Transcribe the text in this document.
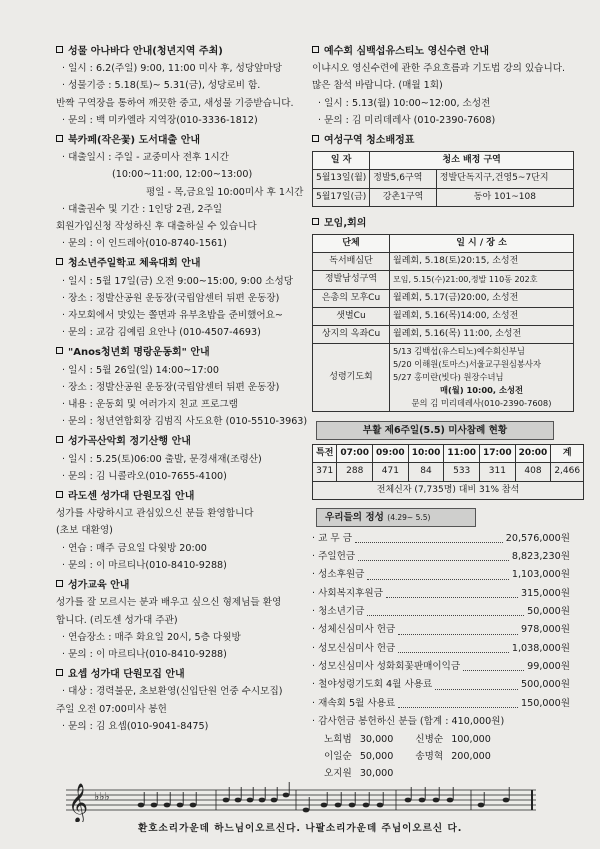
성물 아나바다 안내(청년지역 주최)
· 일시 : 6.2(주일) 9:00, 11:00 미사 후, 성당앞마당
· 성물기증 : 5.18(토)~ 5.31(금), 성당로비 함.
반짝 구역장을 통하여 깨끗한 중고, 새성물 기증받습니다.
· 문의 : 백 미카엘라 지역장(010-3336-1812)
북카페(작은꽃) 도서대출 안내
· 대출일시 : 주일 - 교중미사 전후 1시간
(10:00~11:00, 12:00~13:00)
평일 - 목,금요일 10:00미사 후 1시간
· 대출권수 및 기간 : 1인당 2권, 2주일
회원가입신청 작성하신 후 대출하실 수 있습니다
· 문의 : 이 인드레아(010-8740-1561)
청소년주일학교 체육대회 안내
· 일시 : 5월 17일(금) 오전 9:00~15:00, 9:00 소성당
· 장소 : 정발산공원 운동장(국립암센터 뒤편 운동장)
· 자모회에서 맛있는 쫄면과 유부초밥을 준비했어요~
· 문의 : 교감 김예림 요안나 (010-4507-4693)
"Anos청년회 명랑운동회" 안내
· 일시 : 5월 26일(일) 14:00~17:00
· 장소 : 정발산공원 운동장(국립암센터 뒤편 운동장)
· 내용 : 운동회 및 여러가지 친교 프로그램
· 문의 : 청년연합회장 김범직 사도요한 (010-5510-3963)
성가곡산악회 정기산행 안내
· 일시 : 5.25(토)06:00 출발, 문경새재(조령산)
· 문의 : 김 니콜라오(010-7655-4100)
라도센 성가대 단원모집 안내
성가를 사랑하시고 관심있으신 분들 환영합니다
(초보 대환영)
· 연습 : 매주 금요일 다윗방 20:00
· 문의 : 이 마르티나(010-8410-9288)
성가교육 안내
성가를 잘 모르시는 분과 배우고 싶으신 형제님들 환영
합니다. (리도센 성가대 주관)
· 연습장소 : 매주 화요일 20시, 5층 다윗방
· 문의 : 이 마르티나(010-8410-9288)
요셉 성가대 단원모집 안내
· 대상 : 경력불문, 초보환영(신입단원 언중 수시모집)
주일 오전 07:00미사 봉헌
· 문의 : 김 요셉(010-9041-8475)
예수회 심백섭유스티노 영신수련 안내
이냐시오 영신수련에 관한 주요흐름과 기도법 강의 있습니다.
많은 참석 바랍니다. (매월 1회)
· 일시 : 5.13(월) 10:00~12:00, 소성전
· 문의 : 김 미리데레사 (010-2390-7608)
여성구역 청소배정표
일 자	청소 배정 구역	
5월13일(월)	정발5,6구역	정발단독지구,건영5~7단지
5월17일(금)	강촌1구역	동아 101~108
모임,회의
단체	일 시 / 장 소
독서배심단	월례회, 5.18(토)20:15, 소성전
정발남성구역	모임, 5.15(수)21:00,정발 110동 202호
은총의 모후Cu	월례회, 5.17(금)20:00, 소성전
샛별Cu	월례회, 5.16(목)14:00, 소성전
상지의 옥좌Cu	월례회, 5.16(목) 11:00, 소성전
성령기도회	5/13 김백섭(유스티노)예수회신부님
5/20 이해원(토마스)서울교구원심봉사자
5/27 홍미란(빗다) 원장수녀님
매(월) 10:00, 소성전
문의 김 미리데레사(010-2390-7608)
부활 제6주일(5.5) 미사참례 현황
특전	07:00	09:00	10:00	11:00	17:00	20:00	계
371	288	471	84	533	311	408	2,466
전체신자 (7,735명) 대비 31% 참석							
우리들의 정성 (4.29~ 5.5)
· 교 무 금	20,576,000원
· 주일헌금	8,823,230원
· 성소후원금	1,103,000원
· 사회복지후원금	315,000원
· 청소년기금	50,000원
· 성체신심미사 헌금	978,000원
· 성모신심미사 헌금	1,038,000원
· 성모신심미사 성화회꽃판매이익금	99,000원
· 철야성령기도회 4월 사용료	500,000원
· 재속회 5월 사용료	150,000원
· 감사헌금 봉헌하신 분들 (합계 : 410,000원)
노희범	30,000	신병순	100,000
이일순	50,000	송명혁	200,000
오지원	30,000		
𝄞 ♭♭♭
환호소리가운데 하느님이오르신다. 나팔소리가운데 주님이오르신 다.
